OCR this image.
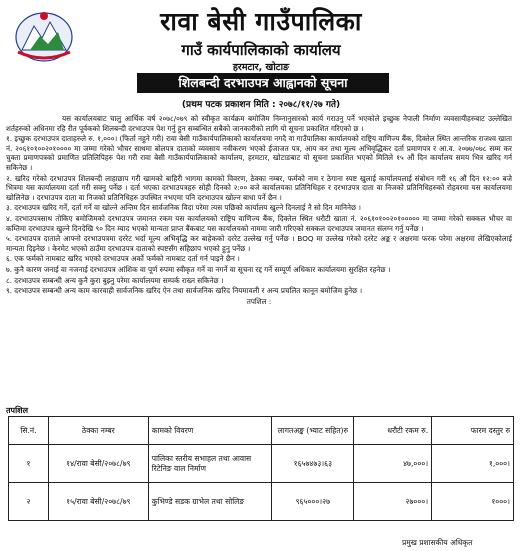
रावा बेसी गाउँपालिका
गाउँ कार्यपालिकाको कार्यालय
हरमटार, खोटाङ
शिलबन्दी दरभाउपत्र आह्वानको सूचना
(प्रथम पटक प्रकाशन मिति : २०७८/११/२७ गते)

यस कार्यालयबाट चालु आर्थिक वर्ष २०७८/०७९ को स्वीकृत कार्यक्रम बमोजिम निम्नानुसारको कार्य गराउनु पर्ने भएकोले इच्छुक नेपाली निर्माण व्यवसायीहरुबाट उल्लेखित शर्तहरुको अधिनमा रहि रीत पूर्वकको शिलबन्दी दरभाउपत्र पेश गर्नु हुन सम्बन्धित सबैको जानकारीको लागि यो सूचना प्रकाशित गरिएको छ ।

१. इच्छुक दरभाउपत्र दाताहरुले रु. १,०००। (फिर्ता नहुने गरी) रावा बेसी गाउँकार्यपालिकाको कार्यालयमा नगदै वा गाउँपालिका कार्यालयको राष्ट्रिय वाणिज्य बैंक, दिक्तेल स्थित आन्तरिक राजश्व खाता नं. २०६१०१००२०१०००० मा जम्मा गरेको भौचर साथमा बोलपत्र दाताको व्यवसाय नवीकरण भएको ईजाजत पत्र, आय कर तथा मूल्य अभिवृद्धिकर दर्ता प्रमाणपत्र र आ.व. २०७७/०७८ सम्म कर चुक्ता प्रमाणपत्रको प्रमाणित प्रतिलिपिहरु पेश गरी रावा बेसी गाउँकार्यपालिकाको कार्यालय, हरमटार, खोटाङबाट यो सूचना प्रकाशित भएको मितिले १५ औं दिन कार्यालय समय भित्र खरिद गर्न सकिनेछ ।

२. खरिद गरेको दरभाउपत्र शिलबन्दी लाहाछाप गरी खामको बाहिरी भागमा कामको विवरण, ठेक्का नम्बर, फर्मको नाम र ठेगाना स्पष्ट खुलाई कार्यालयलाई संबोधन गरी १६ औं दिन १२:०० बजे भित्रमा यस कार्यालयमा दर्ता गरी सक्नु पर्नेछ । दर्ता भएका दरभाउपत्रहरु सोही दिनको २:०० बजे कार्यालयका प्रतिनिधिहरु र दरभाउपत्र दाता वा निजको प्रतिनिधिहरुको रोहवरमा यस कार्यालयमा खोलिनेछ । दरभाउपत्र दाता वा निजको प्रतिनिधिहरु उपस्थित नभएमा पनि दरभाउपत्र खोल्न बाधा पर्ने छैन ।

३. दरभाउपत्र खरिद गर्ने, दर्ता गर्ने वा खोल्ने अन्तिम दिन सार्वजनिक विदा परेमा त्यस पछिको कार्यालय खुल्ने दिनलाई नै सो दिन मानिनेछ ।

४. दरभाउपत्रसाथ तोकिए बमोजिमको दरभाउपत्र जमानत रकम यस कार्यालयको राष्ट्रिय वाणिज्य बैंक, दिक्तेल स्थित धरौटी खाता नं. २०६१०१००२०१००००० मा जम्मा गरेको सक्कल भौचर वा कम्तिमा दरभाउपत्र खुल्ने दिनदेखि ९० दिन म्याद भएको मान्यता प्राप्त बैंकबाट यस कार्यालयको नाममा जारी गरिएको सक्कल दरभाउपत्र जमानत संलग्न गर्नु पर्नेछ ।

५. दरभाउपत्र दाताले आफ्नो दरभाउपत्रमा दररेट भर्दा मूल्य अभिवृद्धि कर बाहेकको दररेट उल्लेख गर्नु पर्नेछ । BOQ मा उल्लेख गरेको दररेट अङ्क र अक्षरमा फरक परेमा अक्षरमा लेखिएकोलाई मान्यता दिइनेछ । केरमेट भएको ठाउँमा दरभाउपत्र दाताको स्पष्टसँग सहिछाप भएको हुनु पर्नेछ ।

६. एक फर्मको नामबाट खरिद भएको दरभाउपत्र अर्को फर्मको नामबाट दर्ता गर्न पाइने छैन ।

७. कुनै कारण जनाई वा नजनाई दरभाउपत्र आंशिक वा पूर्ण रुपमा स्वीकृत गर्ने वा नगर्ने वा सूचना रद्द गर्ने सम्पूर्ण अधिकार कार्यालयमा सुरक्षित रहनेछ ।

८. दरभाउपत्र सम्बन्धी अन्य कुनै कुरा बुझ्नु परेमा कार्यालयमा सम्पर्क राख्न सकिनेछ ।

९. दरभाउपत्र सम्बन्धी अन्य काम कारवाही सार्वजनिक खरिद ऐन तथा सार्वजनिक खरिद नियमावली र अन्य प्रचलित कानून बमोजिम हुनेछ ।

तपशिल :

तपशिल
सि.नं.	ठेक्का नम्बर	कामको विवरण	लागतअङ्क (भ्याट सहित)रु	धरौटी रकम रु.	फारम दस्तुर रु
१	१४/रावा बेसी/२०७८/७९	पालिका स्तरीय सभाहल तथा आवास रिटेनिङ वाल निर्माण	१६५७४७३।६३	४७,०००।	१,०००।
२	१५/रावा बेसी/२०७८/७९	कुभिण्डे सडक ग्राभेल तथा सोलिङ	९६५०००।२७	२७०००।	१०००।
प्रमुख प्रशासकीय अधिकृत
